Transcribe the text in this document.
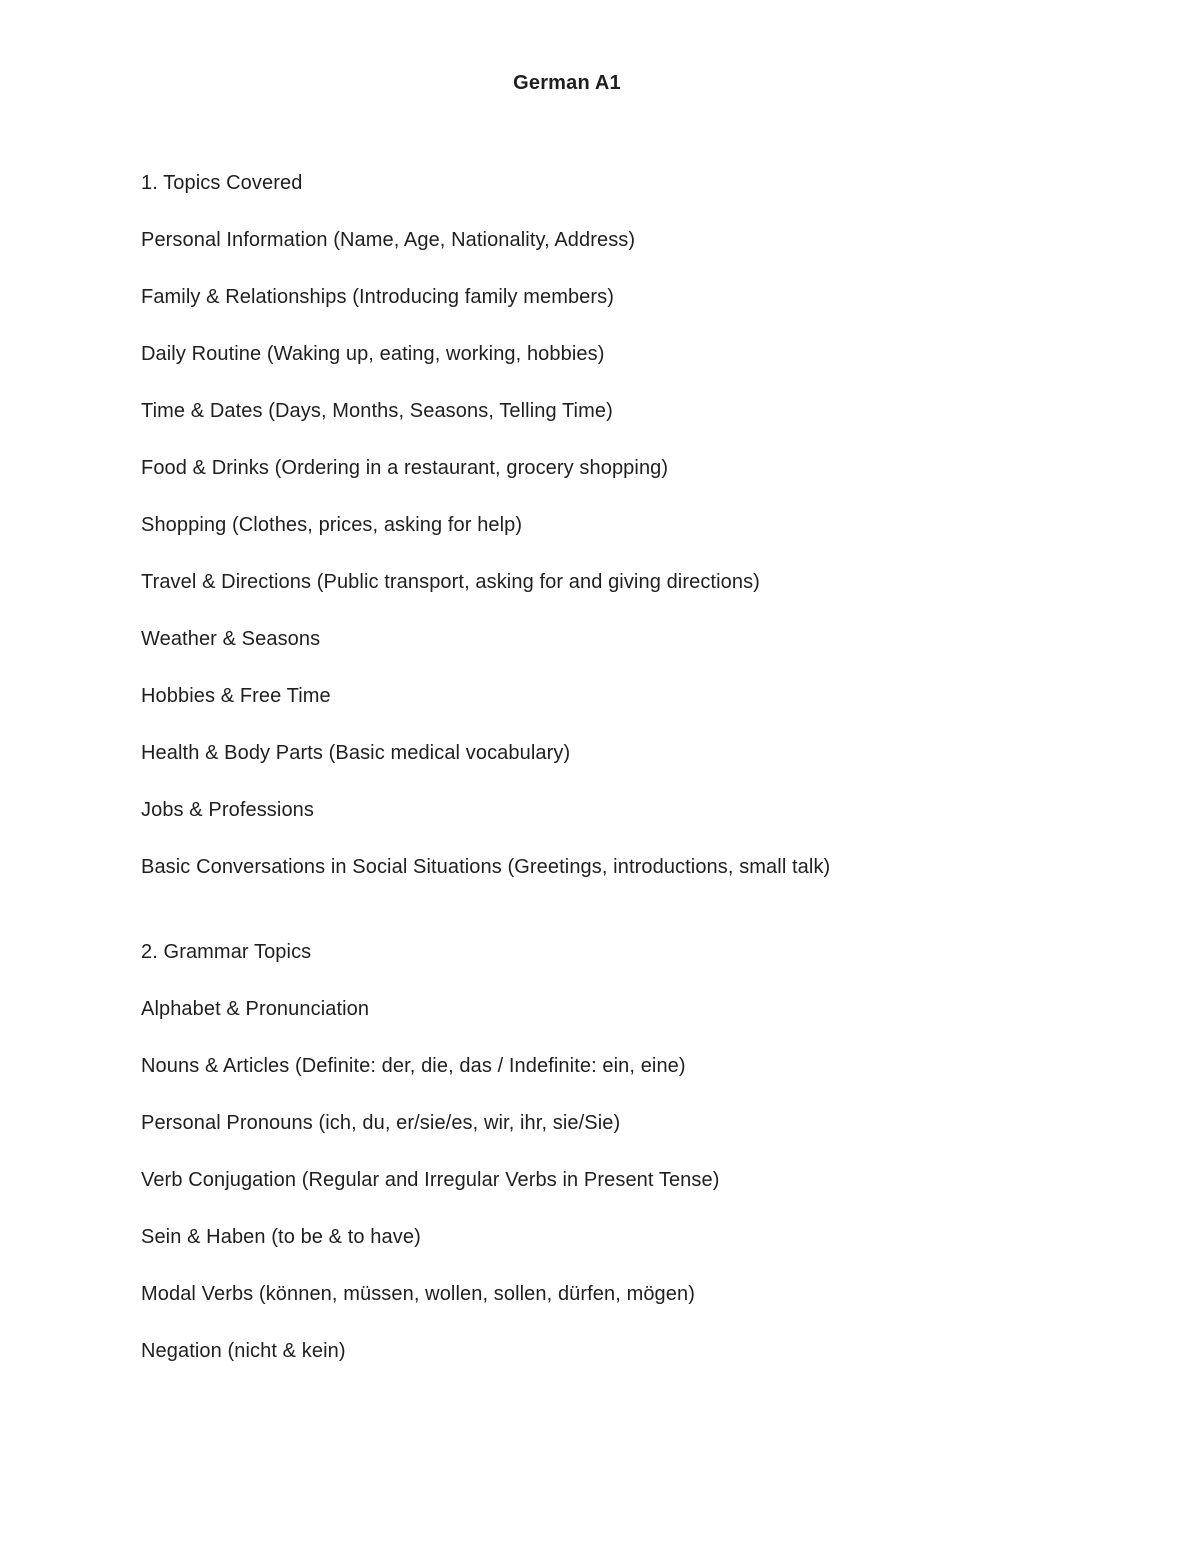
German A1

1. Topics Covered

Personal Information (Name, Age, Nationality, Address)
Family & Relationships (Introducing family members)
Daily Routine (Waking up, eating, working, hobbies)
Time & Dates (Days, Months, Seasons, Telling Time)
Food & Drinks (Ordering in a restaurant, grocery shopping)
Shopping (Clothes, prices, asking for help)
Travel & Directions (Public transport, asking for and giving directions)
Weather & Seasons
Hobbies & Free Time
Health & Body Parts (Basic medical vocabulary)
Jobs & Professions
Basic Conversations in Social Situations (Greetings, introductions, small talk)

2. Grammar Topics

Alphabet & Pronunciation
Nouns & Articles (Definite: der, die, das / Indefinite: ein, eine)
Personal Pronouns (ich, du, er/sie/es, wir, ihr, sie/Sie)
Verb Conjugation (Regular and Irregular Verbs in Present Tense)
Sein & Haben (to be & to have)
Modal Verbs (können, müssen, wollen, sollen, dürfen, mögen)
Negation (nicht & kein)
